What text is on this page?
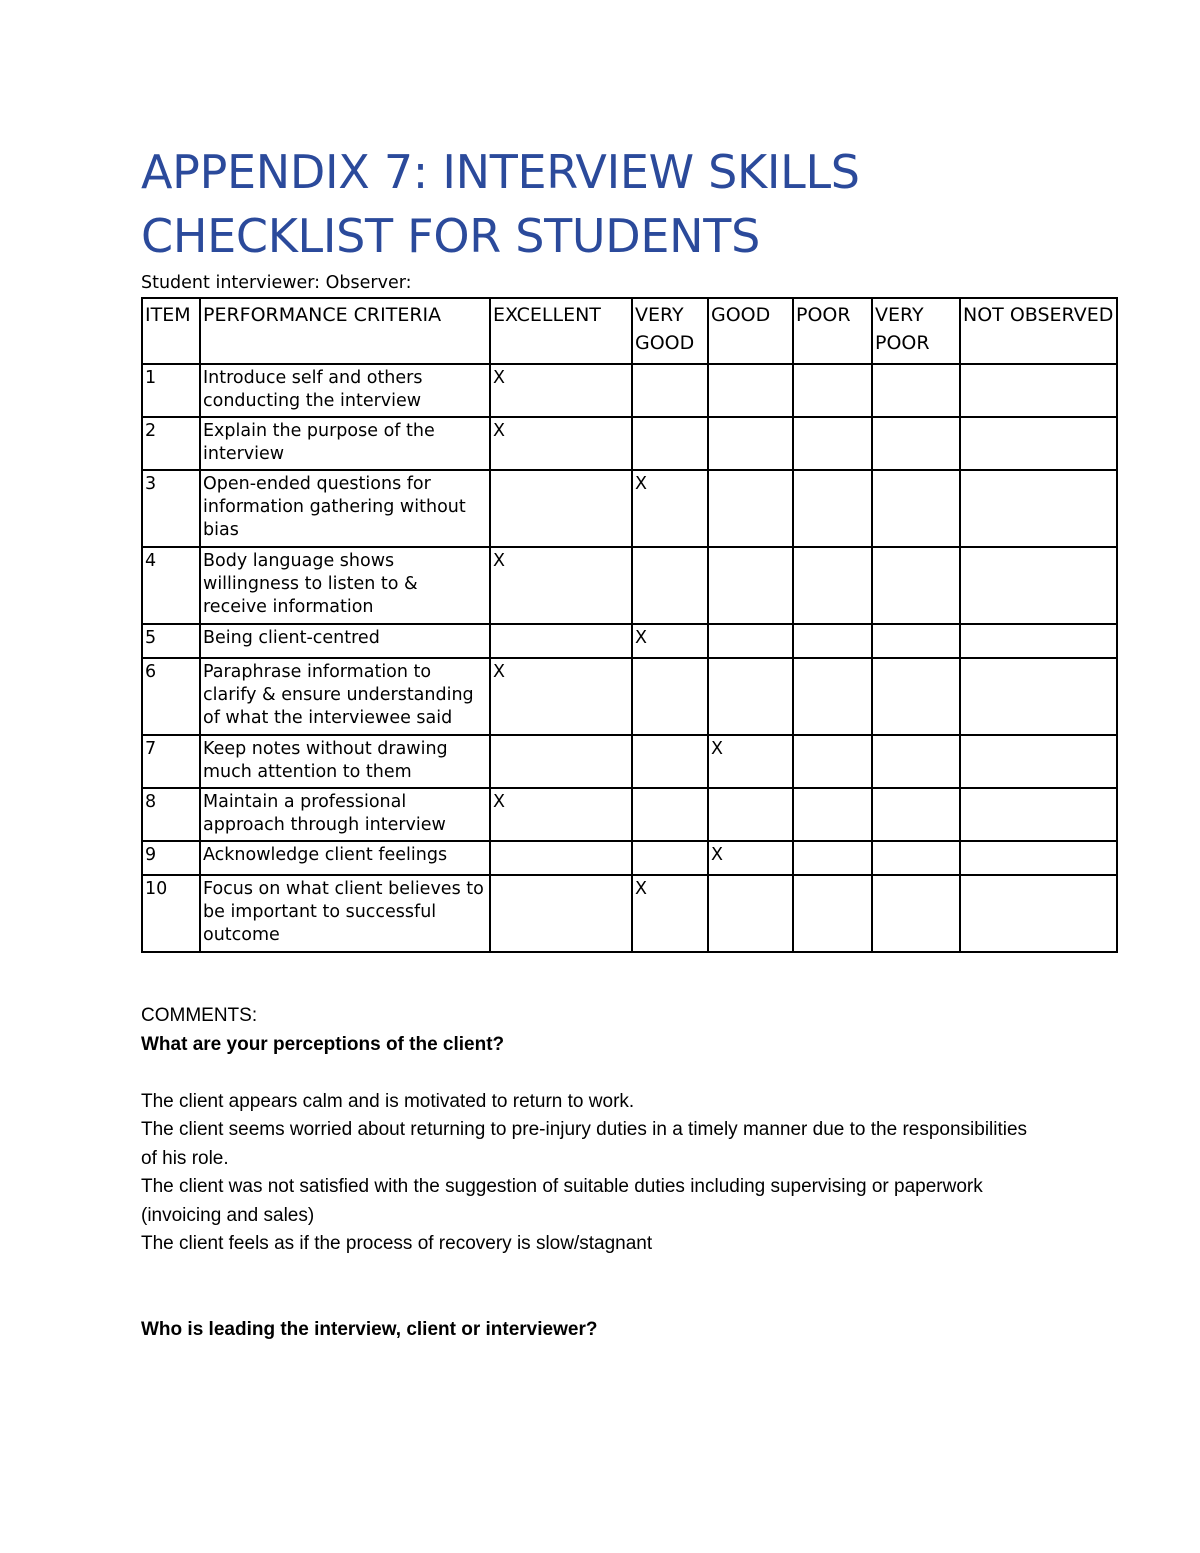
APPENDIX 7: INTERVIEW SKILLS CHECKLIST FOR STUDENTS
Student interviewer: Observer:
ITEM	PERFORMANCE CRITERIA	EXCELLENT	VERY GOOD	GOOD	POOR	VERY POOR	NOT OBSERVED
1	Introduce self and others conducting the interview	X					
2	Explain the purpose of the interview	X					
3	Open-ended questions for information gathering without bias		X				
4	Body language shows willingness to listen to & receive information	X					
5	Being client-centred		X				
6	Paraphrase information to clarify & ensure understanding of what the interviewee said	X					
7	Keep notes without drawing much attention to them			X			
8	Maintain a professional approach through interview	X					
9	Acknowledge client feelings			X			
10	Focus on what client believes to be important to successful outcome		X				

COMMENTS:

What are your perceptions of the client?

The client appears calm and is motivated to return to work.

The client seems worried about returning to pre-injury duties in a timely manner due to the responsibilities of his role.

The client was not satisfied with the suggestion of suitable duties including supervising or paperwork (invoicing and sales)

The client feels as if the process of recovery is slow/stagnant

Who is leading the interview, client or interviewer?
